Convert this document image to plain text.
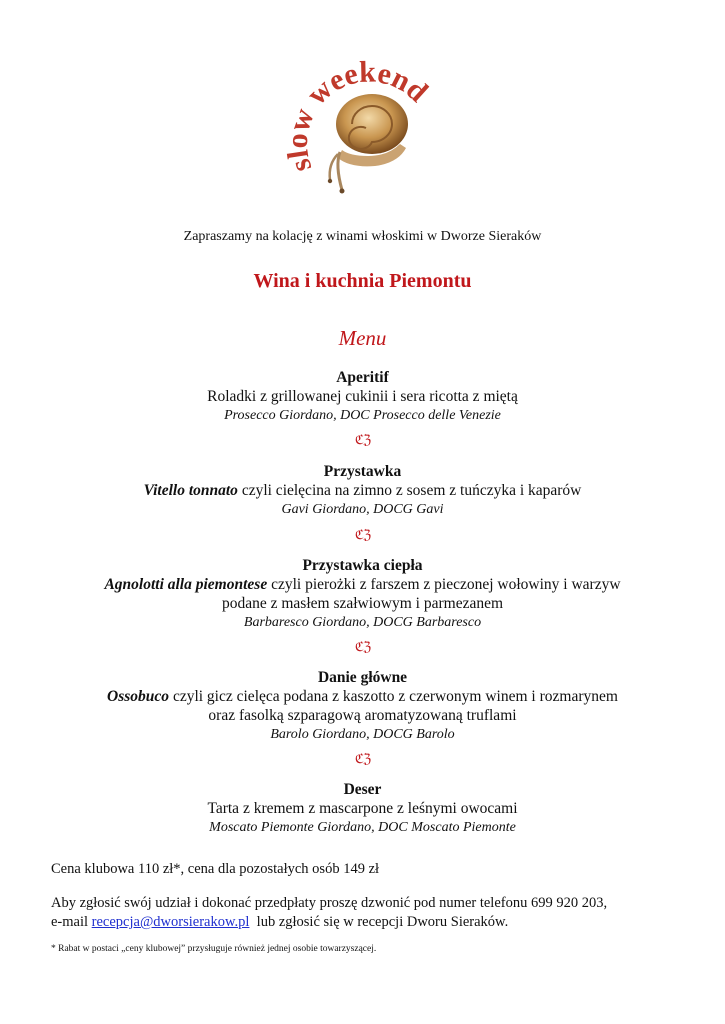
slow weekend
Zapraszamy na kolację z winami włoskimi w Dworze Sieraków
Wina i kuchnia Piemontu
Menu
Aperitif
Roladki z grillowanej cukinii i sera ricotta z miętą
Prosecco Giordano, DOC Prosecco delle Venezie
ℭℨ
Przystawka
Vitello tonnato czyli cielęcina na zimno z sosem z tuńczyka i kaparów
Gavi Giordano, DOCG Gavi
ℭℨ
Przystawka ciepła
Agnolotti alla piemontese czyli pierożki z farszem z pieczonej wołowiny i warzyw
podane z masłem szałwiowym i parmezanem
Barbaresco Giordano, DOCG Barbaresco
ℭℨ
Danie główne
Ossobuco czyli gicz cielęca podana z kaszotto z czerwonym winem i rozmarynem
oraz fasolką szparagową aromatyzowaną truflami
Barolo Giordano, DOCG Barolo
ℭℨ
Deser
Tarta z kremem z mascarpone z leśnymi owocami
Moscato Piemonte Giordano, DOC Moscato Piemonte
Cena klubowa 110 zł*, cena dla pozostałych osób 149 zł
Aby zgłosić swój udział i dokonać przedpłaty proszę dzwonić pod numer telefonu 699 920 203,
e-mail recepcja@dworsierakow.pl  lub zgłosić się w recepcji Dworu Sieraków.
* Rabat w postaci „ceny klubowej” przysługuje również jednej osobie towarzyszącej.
